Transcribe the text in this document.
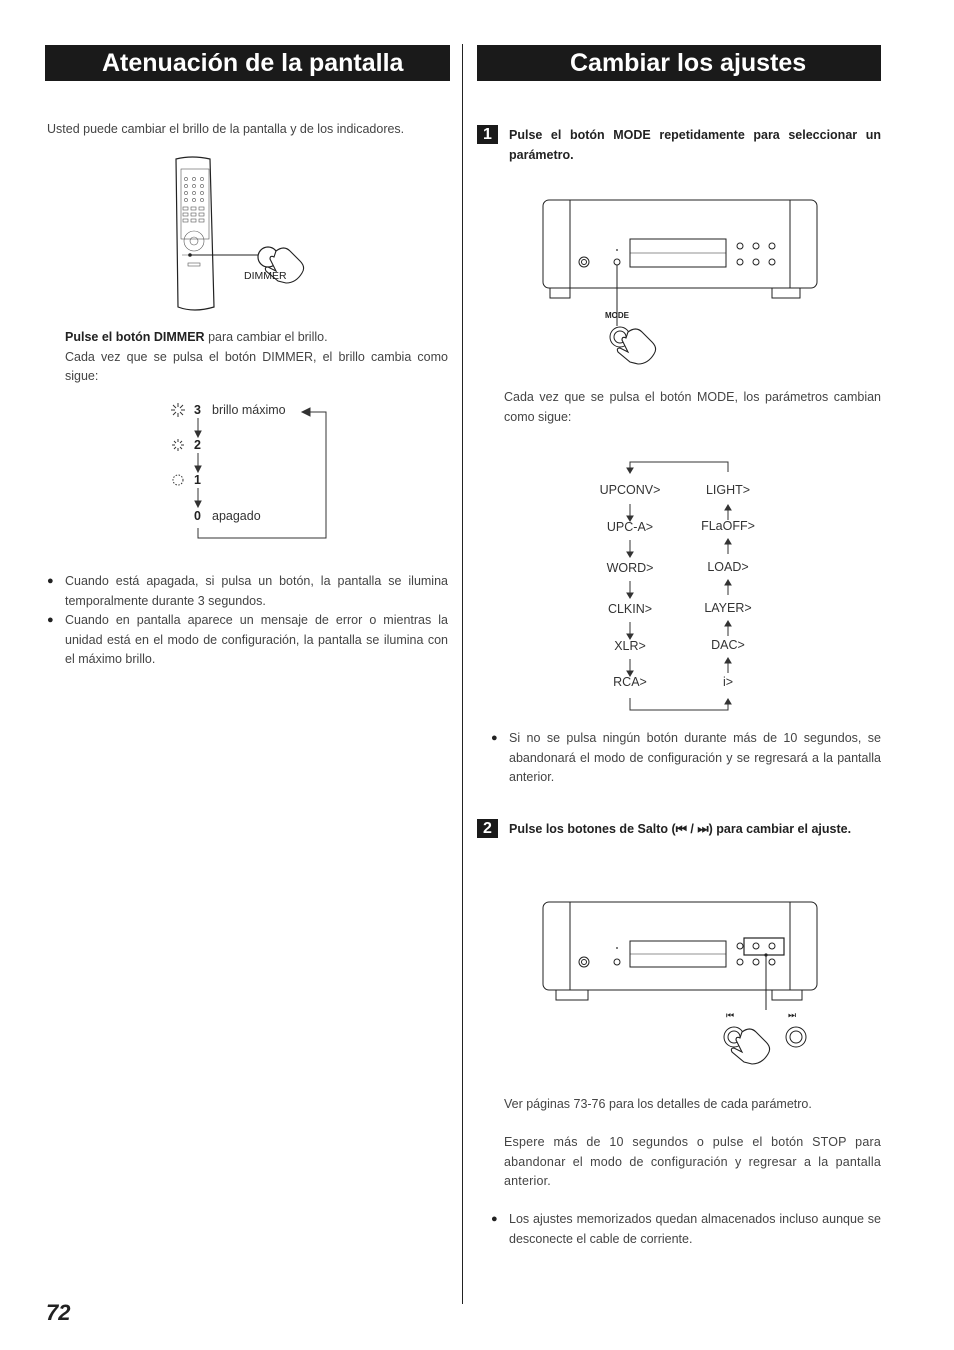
Atenuación de la pantalla
Usted puede cambiar el brillo de la pantalla y de los indicadores.
DIMMER
Pulse el botón DIMMER para cambiar el brillo.
Cada vez que se pulsa el botón DIMMER, el brillo cambia como sigue:
3 brillo máximo
2
1
0 apagado
● Cuando está apagada, si pulsa un botón, la pantalla se ilumina temporalmente durante 3 segundos.
● Cuando en pantalla aparece un mensaje de error o mientras la unidad está en el modo de configuración, la pantalla se ilumina con el máximo brillo.
Cambiar los ajustes
1	Pulse el botón MODE repetidamente para seleccionar un parámetro.
MODE
Cada vez que se pulsa el botón MODE, los parámetros cambian como sigue:
UPCONV>
UPC-A>
WORD>
CLKIN>
XLR>
RCA>
LIGHT>
FLaOFF>
LOAD>
LAYER>
DAC>
i>
● Si no se pulsa ningún botón durante más de 10 segundos, se abandonará el modo de configuración y se regresará a la pantalla anterior.
2	Pulse los botones de Salto (⏮ / ⏭) para cambiar el ajuste.
⏮	⏭
Ver páginas 73-76 para los detalles de cada parámetro.
Espere más de 10 segundos o pulse el botón STOP para abandonar el modo de configuración y regresar a la pantalla anterior.
● Los ajustes memorizados quedan almacenados incluso aunque se desconecte el cable de corriente.
72
